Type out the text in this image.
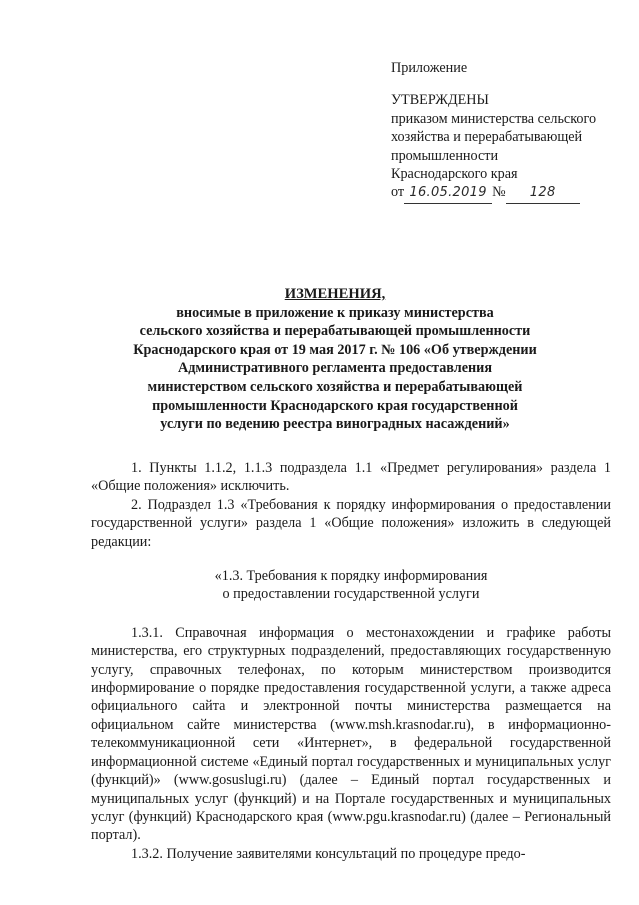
Приложение
УТВЕРЖДЕНЫ
приказом министерства сельского
хозяйства и перерабатывающей
промышленности
Краснодарского края
от 16.05.2019 № 128
ИЗМЕНЕНИЯ,
вносимые в приложение к приказу министерства
сельского хозяйства и перерабатывающей промышленности
Краснодарского края от 19 мая 2017 г. № 106 «Об утверждении
Административного регламента предоставления
министерством сельского хозяйства и перерабатывающей
промышленности Краснодарского края государственной
услуги по ведению реестра виноградных насаждений»

1. Пункты 1.1.2, 1.1.3 подраздела 1.1 «Предмет регулирования» раздела 1 «Общие положения» исключить.

2. Подраздел 1.3 «Требования к порядку информирования о предоставлении государственной услуги» раздела 1 «Общие положения» изложить в следующей редакции:

«1.3. Требования к порядку информирования
о предоставлении государственной услуги

1.3.1. Справочная информация о местонахождении и графике работы министерства, его структурных подразделений, предоставляющих государственную услугу, справочных телефонах, по которым министерством производится информирование о порядке предоставления государственной услуги, а также адреса официального сайта и электронной почты министерства размещается на официальном сайте министерства (www.msh.krasnodar.ru), в информационно-телекоммуникационной сети «Интернет», в федеральной государственной информационной системе «Единый портал государственных и муниципальных услуг (функций)» (www.gosuslugi.ru) (далее – Единый портал государственных и муниципальных услуг (функций) и на Портале государственных и муниципальных услуг (функций) Краснодарского края (www.pgu.krasnodar.ru) (далее – Региональный портал).

1.3.2. Получение заявителями консультаций по процедуре предо-
